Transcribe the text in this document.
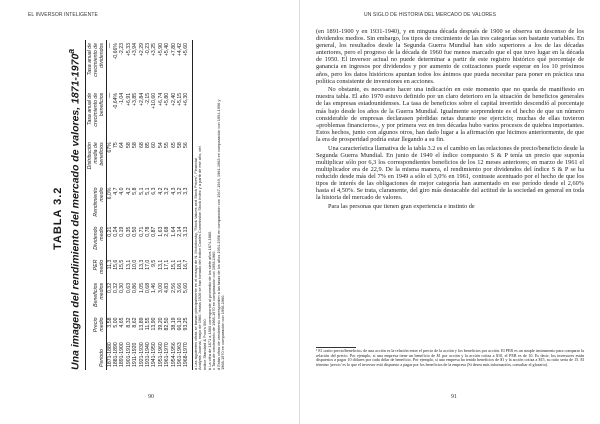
EL INVERSOR INTELIGENTE
TABLA 3.2 Una imagen del rendimiento del mercado de valores, 1871-1970$^a$
Periodo	Precio medio	Beneficios medios	PER medio	Dividendo medio	Rendimiento medio	Distribución media de beneficios	Tasa anual de crecimiento de beneficios	Tasa anual de crecimiento de dividendos
1871-1880	3,58	0,32	11,3	0,21	6,0%	67%	—	—
1881-1890	5,00	0,32	15,6	0,24	4,7	75	-0,64%	-0,66%
1891-1900	4,65	0,30	15,5	0,19	4,0	64	-1,04	-2,23
1901-1910	8,32	0,63	13,1	0,35	4,2	58	+6,91	+5,33
1911-1920	8,62	0,86	10,0	0,50	5,8	58	+3,85	+3,94
1921-1930	13,89	1,05	13,3	0,71	5,1	68	+2,84	+2,29
1931-1940	11,55	0,68	17,0	0,78	5,1	85	-2,15	-0,23
1941-1950	13,90	1,46	9,5	0,87	6,3	60	+10,60	+3,25
1951-1960	39,20	3,00	13,1	1,63	4,2	54	+6,74	+5,90
1961-1970	82,50	4,83	17,1	2,68	3,2	55	+5,80	+5,40
1954-1956	38,19	2,56	15,1	1,64	4,3	65	+2,40	+7,80
1961-1963	66,10	3,66	18,1	2,14	3,2	58	+5,15	+4,42
1968-1970	93,25	5,60	16,7	3,13	3,3	56	+6,30	+5,60

a Las siguientes cifras se basan principalmente en el ensayo de N. Molodovsky, "Stock Values and Stock Prices", Financial Analysts Journal, mayo de 1960. Hasta 1926 se han tomado del índice Cowles Commission Stock Index y a partir de ese año, del índice Standard & Poor's 500. b La cifra de 1871 a 1880 corresponde al promedio de los siete años 1874-1880. c Tasa de crecimiento de 1968-1970 en comparación con 1958-1960. d Estas cifras de crecimiento corresponden a las tasas de los años 1954-1956 en comparación con 1947-1949, 1961-1963 en comparación con 1954-1956 y 1968-1970 en comparación con 1958-1960.

90
UN SIGLO DE HISTORIA DEL MERCADO DE VALORES

(en 1891-1900 y en 1931-1940), y en ninguna década después de 1900 se observa un descenso de los dividendos medios. Sin embargo, los tipos de crecimiento de las tres categorías son bastante variables. En general, los resultados desde la Segunda Guerra Mundial han sido superiores a los de las décadas anteriores, pero el progreso de la década de 1960 fue menos marcado que el que tuvo lugar en la década de 1950. El inversor actual no puede determinar a partir de este registro histórico qué porcentaje de ganancia en ingresos por dividendos y por aumento de cotizaciones puede esperar en los 10 próximos años, pero los datos históricos apuntan todos los ánimos que pueda necesitar para poner en práctica una política consistente de inversiones en acciones.

No obstante, es necesario hacer una indicación en este momento que no queda de manifiesto en nuestra tabla. El año 1970 estuvo definido por un claro deterioro en la situación de beneficios generales de las empresas estadounidenses. La tasa de beneficios sobre el capital invertido descendió al porcentaje más bajo desde los años de la Guerra Mundial. Igualmente sorprendente es el hecho de que un número considerable de empresas declarasen pérdidas netas durante ese ejercicio; muchas de ellas tuvieron «problemas financieros», y por primera vez en tres décadas hubo varios procesos de quiebra importantes. Estos hechos, junto con algunos otros, han dado lugar a la afirmación que hicimos anteriormente, de que la era de prosperidad podría estar llegando a su fin.

Una característica llamativa de la tabla 3.2 es el cambio en las relaciones de precio/beneficio desde la Segunda Guerra Mundial. En junio de 1949 el índice compuesto S & P tenía un precio que suponía multiplicar sólo por 6,3 los correspondientes beneficios de los 12 meses anteriores; en marzo de 1961 el multiplicador era de 22,9. De la misma manera, el rendimiento por dividendos del índice S & P se ha reducido desde más del 7% en 1949 a sólo el 3,0% en 1961, contraste acentuado por el hecho de que los tipos de interés de las obligaciones de mejor categoría han aumentado en ese período desde el 2,60% hasta el 4,50%. Se trata, claramente, del giro más destacable del actitud de la sociedad en general en toda la historia del mercado de valores.

Para las personas que tienen gran experiencia e instinto de

¹ El «ratio precio/beneficio» de una acción es la relación entre el precio de la acción y los beneficios por acción. El PER es un simple instrumento para comparar la relación del precio. Por ejemplo, si una empresa tiene un beneficio de $1 por acción y la acción cotiza a $10, el PER es de 10. Es decir, los inversores están dispuestos a pagar 10 dólares por cada dólar de beneficio. Por ejemplo, si una empresa ha tenido beneficios de $1 y la acción cotiza a $15, su ratio sería de 15. El término 'precio' es lo que el inversor está dispuesto a pagar por los beneficios de la empresa (Si desea más información, consultar el glosario).
91
